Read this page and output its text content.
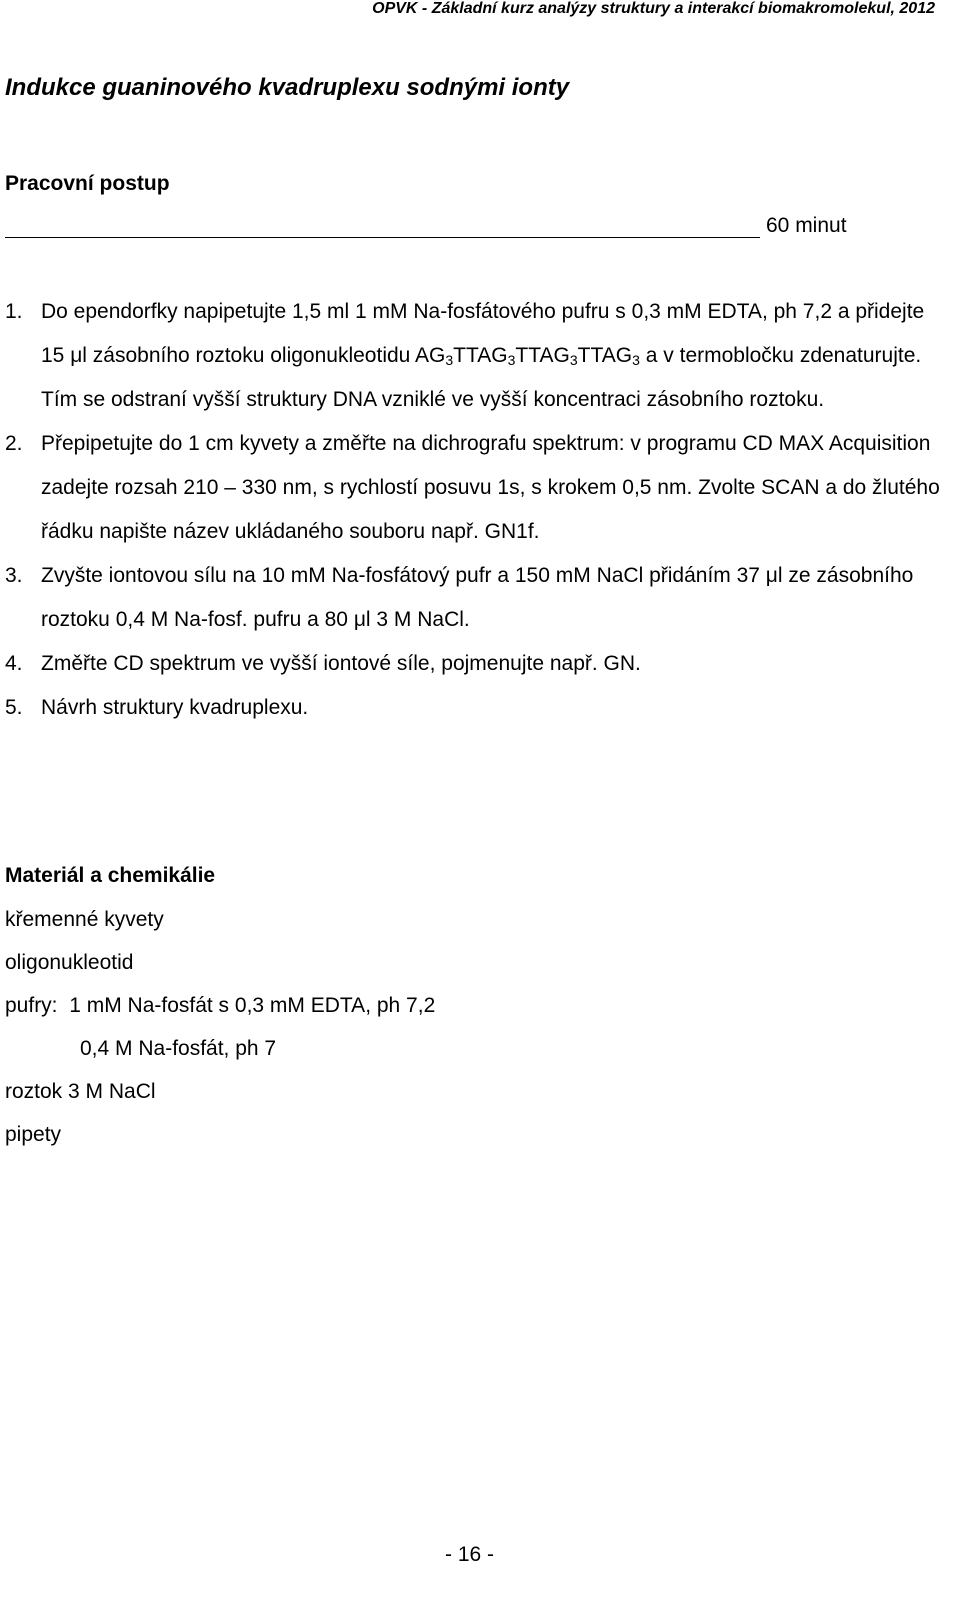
OPVK - Základní kurz analýzy struktury a interakcí biomakromolekul, 2012
Indukce guaninového kvadruplexu sodnými ionty
Pracovní postup
60 minut
1. Do ependorfky napipetujte 1,5 ml 1 mM Na-fosfátového pufru s 0,3 mM EDTA, ph 7,2 a přidejte 15 μl zásobního roztoku oligonukleotidu $AG_3TTAG_3TTAG_3TTAG_3$ a v termobločku zdenaturujte. Tím se odstraní vyšší struktury DNA vzniklé ve vyšší koncentraci zásobního roztoku.
2. Přepipetujte do 1 cm kyvety a změřte na dichrografu spektrum: v programu CD MAX Acquisition zadejte rozsah 210 – 330 nm, s rychlostí posuvu 1s, s krokem 0,5 nm. Zvolte SCAN a do žlutého řádku napište název ukládaného souboru např. GN1f.
3. Zvyšte iontovou sílu na 10 mM Na-fosfátový pufr a 150 mM NaCl přidáním 37 μl ze zásobního roztoku 0,4 M Na-fosf. pufru a 80 μl 3 M NaCl.
4. Změřte CD spektrum ve vyšší iontové síle, pojmenujte např. GN.
5. Návrh struktury kvadruplexu.
Materiál a chemikálie
křemenné kyvety
oligonukleotid
pufry:  1 mM Na-fosfát s 0,3 mM EDTA, ph 7,2
0,4 M Na-fosfát, ph 7
roztok 3 M NaCl
pipety
- 16 -
